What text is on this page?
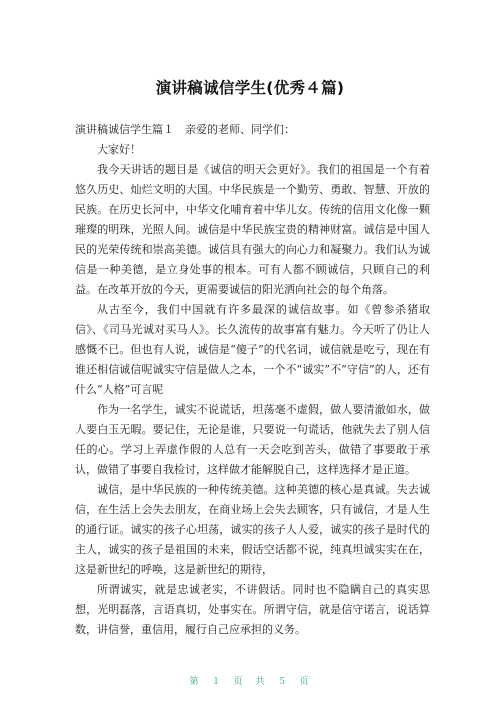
演讲稿诚信学生(优秀４篇)

演讲稿诚信学生篇１　亲爱的老师、同学们：

大家好！

我今天讲话的题目是《诚信的明天会更好》。我们的祖国是一个有着悠久历史、灿烂文明的大国。中华民族是一个勤劳、勇敢、智慧、开放的民族。在历史长河中，中华文化哺育着中华儿女。传统的信用文化像一颗璀璨的明珠，光照人间。诚信是中华民族宝贵的精神财富。诚信是中国人民的光荣传统和崇高美德。诚信具有强大的向心力和凝聚力。我们认为诚信是一种美德，是立身处事的根本。可有人都不顾诚信，只顾自己的利益。在改革开放的今天，更需要诚信的阳光洒向社会的每个角落。

从古至今，我们中国就有许多最深的诚信故事。如《曾参杀猪取信》、《司马光诚对买马人》。长久流传的故事富有魅力。今天听了仍让人感慨不已。但也有人说，诚信是“傻子”的代名词，诚信就是吃亏，现在有谁还相信诚信呢诚实守信是做人之本，一个不“诚实”不“守信”的人，还有什么“人格”可言呢

作为一名学生，诚实不说谎话，坦荡毫不虚假，做人要清澈如水，做人要白玉无暇。要记住，无论是谁，只要说一句谎话，他就失去了别人信任的心。学习上弄虚作假的人总有一天会吃到苦头，做错了事要敢于承认，做错了事要自我检讨，这样做才能解脱自己，这样选择才是正道。

诚信，是中华民族的一种传统美德。这种美德的核心是真诚。失去诚信，在生活上会失去朋友，在商业场上会失去顾客，只有诚信，才是人生的通行证。诚实的孩子心坦荡，诚实的孩子人人爱，诚实的孩子是时代的主人，诚实的孩子是祖国的未来，假话空话都不说，纯真坦诚实实在在，这是新世纪的呼唤，这是新世纪的期待，

所谓诚实，就是忠诚老实，不讲假话。同时也不隐瞒自己的真实思想，光明磊落，言语真切，处事实在。所谓守信，就是信守诺言，说话算数，讲信誉，重信用，履行自己应承担的义务。

第　１　页　共　５　页
